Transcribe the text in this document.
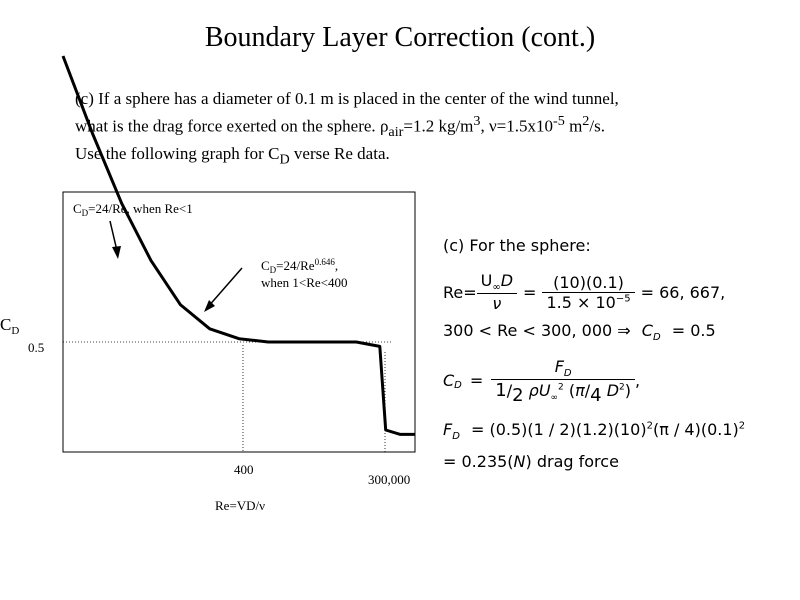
Boundary Layer Correction (cont.)

(c) If a sphere has a diameter of 0.1 m is placed in the center of the wind tunnel,

what is the drag force exerted on the sphere. $\rho_{air}=1.2$ $kg/m^3$, $\nu=1.5x10^{-5}$ $m^2/s$.

Use the following graph for $C_D$ verse Re data.

$C_D=24/Re$, when Re<1
$C_D=24/Re^{0.646}$,
when 1<Re<400
$C_D$
0.5
400
300,000
Re=VD/ν
(c) For the sphere:
$Re= \frac{U_\infty D}{\nu} = \frac{(10)(0.1)}{1.5 \times 10^{-5}} = 66$, 667,
300 < Re < 300, 000 ⇒ $C_D = 0.5$
$C_D = \frac{F_D}{1/2 \rho U_\infty^2 (\pi/4 D^2)}$ ,
$F_D = (0.5)(1 / 2)(1.2)(10)^2(\pi / 4)(0.1)^2$
= 0.235(N) drag force
